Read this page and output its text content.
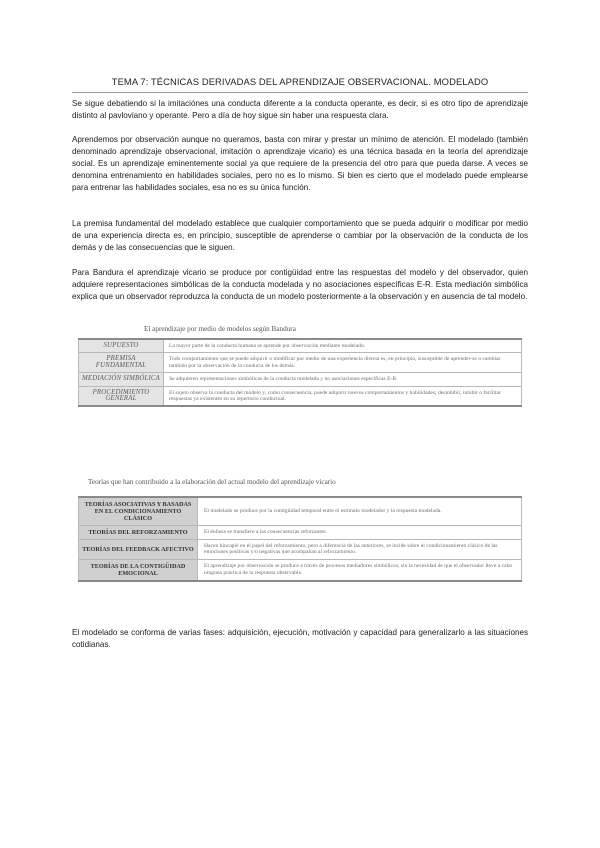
TEMA 7: TÉCNICAS DERIVADAS DEL APRENDIZAJE OBSERVACIONAL. MODELADO

Se sigue debatiendo si la imitaciónes una conducta diferente a la conducta operante, es decir, si es otro tipo de aprendizaje distinto al pavloviano y operante. Pero a día de hoy sigue sin haber una respuesta clara.

Aprendemos por observación aunque no queramos, basta con mirar y prestar un mínimo de atención. El modelado (también denominado aprendizaje observacional, imitación o aprendizaje vicario) es una técnica basada en la teoría del aprendizaje social. Es un aprendizaje eminentemente social ya que requiere de la presencia del otro para que pueda darse. A veces se denomina entrenamiento en habilidades sociales, pero no es lo mismo. Si bien es cierto que el modelado puede emplearse para entrenar las habilidades sociales, esa no es su única función.

La premisa fundamental del modelado establece que cualquier comportamiento que se pueda adquirir o modificar por medio de una experiencia directa es, en principio, susceptible de aprenderse o cambiar por la observación de la conducta de los demás y de las consecuencias que le siguen.

Para Bandura el aprendizaje vicario se produce por contigüidad entre las respuestas del modelo y del observador, quien adquiere representaciones simbólicas de la conducta modelada y no asociaciones específicas E-R. Esta mediación simbólica explica que un observador reproduzca la conducta de un modelo posteriormente a la observación y en ausencia de tal modelo.

El aprendizaje por medio de modelos según Bandura
SUPUESTO	La mayor parte de la conducta humana se aprende por observación mediante modelado.
PREMISA FUNDAMENTAL	Todo comportamiento que se puede adquirir o modificar por medio de una experiencia directa es, en principio, susceptible de aprender-se o cambiar también por la observación de la conducta de los demás.
MEDIACIÓN SIMBÓLICA	Se adquieren representaciones simbólicas de la conducta modelada y no asociaciones específicas E-R.
PROCEDIMIENTO GENERAL	El sujeto observa la conducta del modelo y, como consecuencia, puede adquirir nuevos comportamientos y habilidades; desinhibir, inhibir o facilitar respuestas ya existentes en su repertorio conductual.
Teorías que han contribuido a la elaboración del actual modelo del aprendizaje vicario
TEORÍAS ASOCIATIVAS Y BASADAS EN EL CONDICIONAMIENTO CLÁSICO	El modelado se produce por la contigüidad temporal entre el estímulo modelador y la respuesta modelada.
TEORÍAS DEL REFORZAMIENTO	El énfasis se transfiere a las consecuencias reforzantes.
TEORÍAS DEL FEEDBACK AFECTIVO	Hacen hincapié en el papel del reforzamiento, pero a diferencia de las anteriores, se incide sobre el condicionamiento clásico de las emociones positivas y/o negativas que acompañan al reforzamiento.
TEORÍAS DE LA CONTIGÜIDAD EMOCIONAL	El aprendizaje por observación se produce a través de procesos mediadores simbólicos, sin la necesidad de que el observador lleve a cabo ninguna práctica de la respuesta observable.

El modelado se conforma de varias fases: adquisición, ejecución, motivación y capacidad para generalizarlo a las situaciones cotidianas.
